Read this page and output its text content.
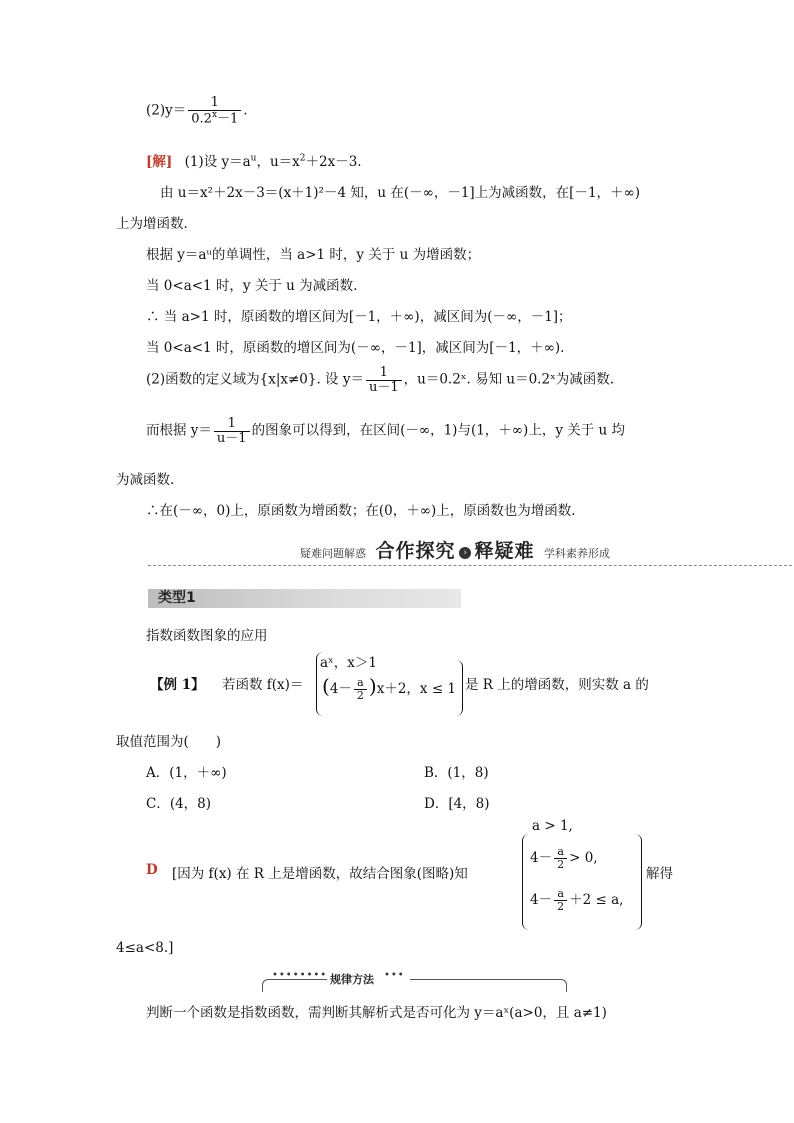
$(2)y= \frac{1}{0.2^x-1}$ .
[解] (1)设 $y=a^u$，$u=x^2+2x-3$.
由 u＝x²＋2x－3＝(x＋1)²－4 知，u 在(－∞，－1]上为减函数，在[－1，＋∞)
上为增函数.
根据 y＝aᵘ的单调性，当 a>1 时，y 关于 u 为增函数；
当 0<a<1 时，y 关于 u 为减函数.
∴ 当 a>1 时，原函数的增区间为[－1，＋∞)，减区间为(－∞，－1]；
当 0<a<1 时，原函数的增区间为(－∞，－1]，减区间为[－1，＋∞).
(2)函数的定义域为{x|x≠0}. 设 $y= \frac{1}{u-1}$ ，u＝0.2ˣ. 易知 u＝0.2ˣ为减函数.
而根据 $y= \frac{1}{u-1}$ 的图象可以得到，在区间(－∞，1)与(1，＋∞)上，y 关于 u 均
为减函数.
∴在(－∞，0)上，原函数为增函数；在(0，＋∞)上，原函数也为增函数.
疑难问题解惑 合作探究 › 释疑难 学科素养形成
类型1
指数函数图象的应用
【例 1】 若函数 f(x)＝
aˣ，x＞1
$(4- \frac{a}{2} )x+2$，x ≤ 1 是 R 上的增函数，则实数 a 的
取值范围为(　　)
A．(1，＋∞)	B．(1，8)
C．(4，8)	D．[4，8)
D [因为 f(x) 在 R 上是增函数，故结合图象(图略)知
a > 1,
$4- \frac{a}{2} > 0$,
$4- \frac{a}{2} +2 \le a$,
解得
4≤a<8.]
•••••••• 规律方法 •••
判断一个函数是指数函数，需判断其解析式是否可化为 y＝aˣ(a>0，且 a≠1)
